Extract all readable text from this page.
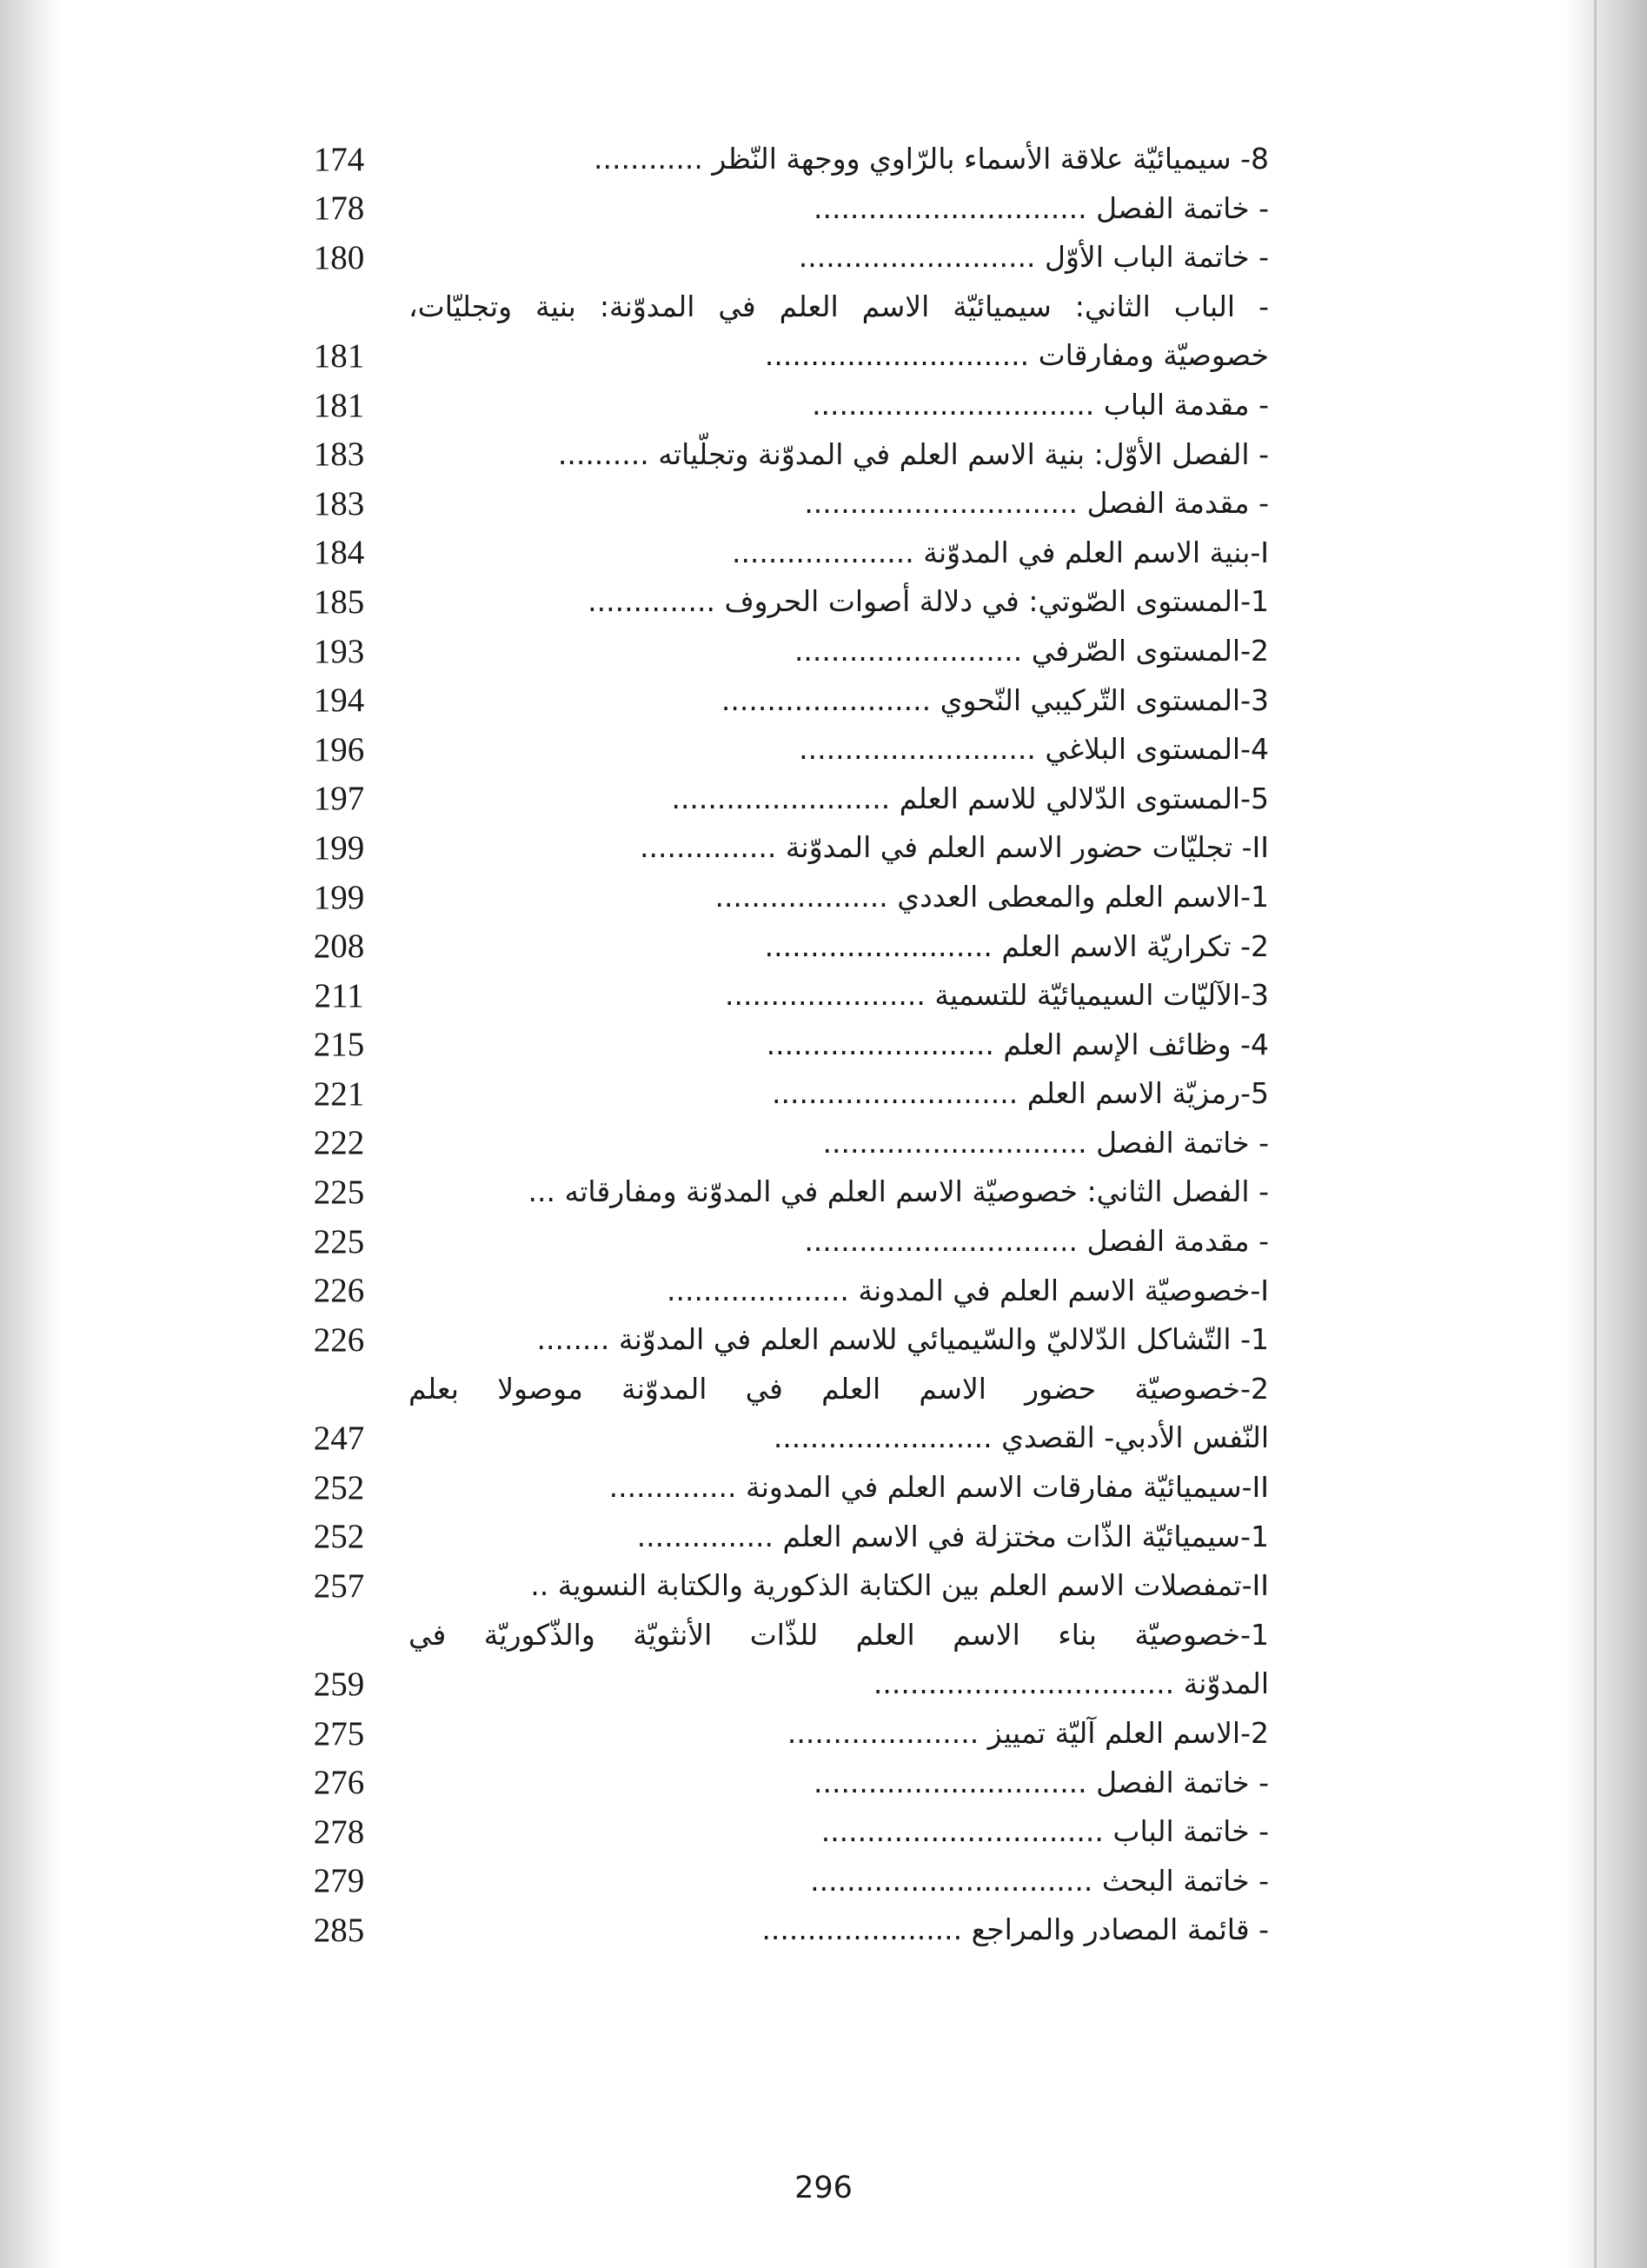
174	8- سيميائيّة علاقة الأسماء بالرّاوي ووجهة النّظر ............
178	- خاتمة الفصل ..............................
180	- خاتمة الباب الأوّل ..........................
- الباب الثاني: سيميائيّة الاسم العلم في المدوّنة: بنية وتجليّات،
181	خصوصيّة ومفارقات .............................
181	- مقدمة الباب ...............................
183	- الفصل الأوّل: بنية الاسم العلم في المدوّنة وتجلّياته ..........
183	- مقدمة الفصل ..............................
184	I-بنية الاسم العلم في المدوّنة ....................
185	1-المستوى الصّوتي: في دلالة أصوات الحروف ..............
193	2-المستوى الصّرفي .........................
194	3-المستوى التّركيبي النّحوي .......................
196	4-المستوى البلاغي ..........................
197	5-المستوى الدّلالي للاسم العلم ........................
199	II- تجليّات حضور الاسم العلم في المدوّنة ...............
199	1-الاسم العلم والمعطى العددي ...................
208	2- تكراريّة الاسم العلم .........................
211	3-الآليّات السيميائيّة للتسمية ......................
215	4- وظائف الإسم العلم .........................
221	5-رمزيّة الاسم العلم ...........................
222	- خاتمة الفصل .............................
225	- الفصل الثاني: خصوصيّة الاسم العلم في المدوّنة ومفارقاته ...
225	- مقدمة الفصل ..............................
226	I-خصوصيّة الاسم العلم في المدونة ....................
226	1- التّشاكل الدّلاليّ والسّيميائي للاسم العلم في المدوّنة ........
2-خصوصيّة حضور الاسم العلم في المدوّنة موصولا بعلم
247	النّفس الأدبي- القصدي ........................
252	II-سيميائيّة مفارقات الاسم العلم في المدونة ..............
252	1-سيميائيّة الذّات مختزلة في الاسم العلم ...............
257	II-تمفصلات الاسم العلم بين الكتابة الذكورية والكتابة النسوية ..
1-خصوصيّة بناء الاسم العلم للذّات الأنثويّة والذّكوريّة في
259	المدوّنة .................................
275	2-الاسم العلم آليّة تمييز .....................
276	- خاتمة الفصل ..............................
278	- خاتمة الباب ...............................
279	- خاتمة البحث ...............................
285	- قائمة المصادر والمراجع ......................
296
